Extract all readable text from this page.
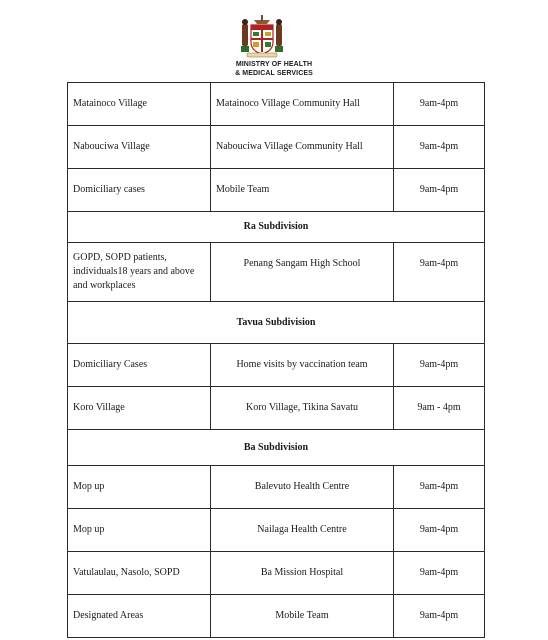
MINISTRY OF HEALTH
& MEDICAL SERVICES
Matainoco Village	Matainoco Village Community Hall	9am-4pm
Nabouciwa Village	Nabouciwa Village Community Hall	9am-4pm
Domiciliary cases	Mobile Team	9am-4pm
Ra Subdivision		
GOPD, SOPD patients, individuals18 years and above and workplaces	Penang Sangam High School	9am-4pm
Tavua Subdivision		
Domiciliary Cases	Home visits by vaccination team	9am-4pm
Koro Village	Koro Village, Tikina Savatu	9am - 4pm
Ba Subdivision		
Mop up	Balevuto Health Centre	9am-4pm
Mop up	Nailaga Health Centre	9am-4pm
Vatulaulau, Nasolo, SOPD	Ba Mission Hospital	9am-4pm
Designated Areas	Mobile Team	9am-4pm
